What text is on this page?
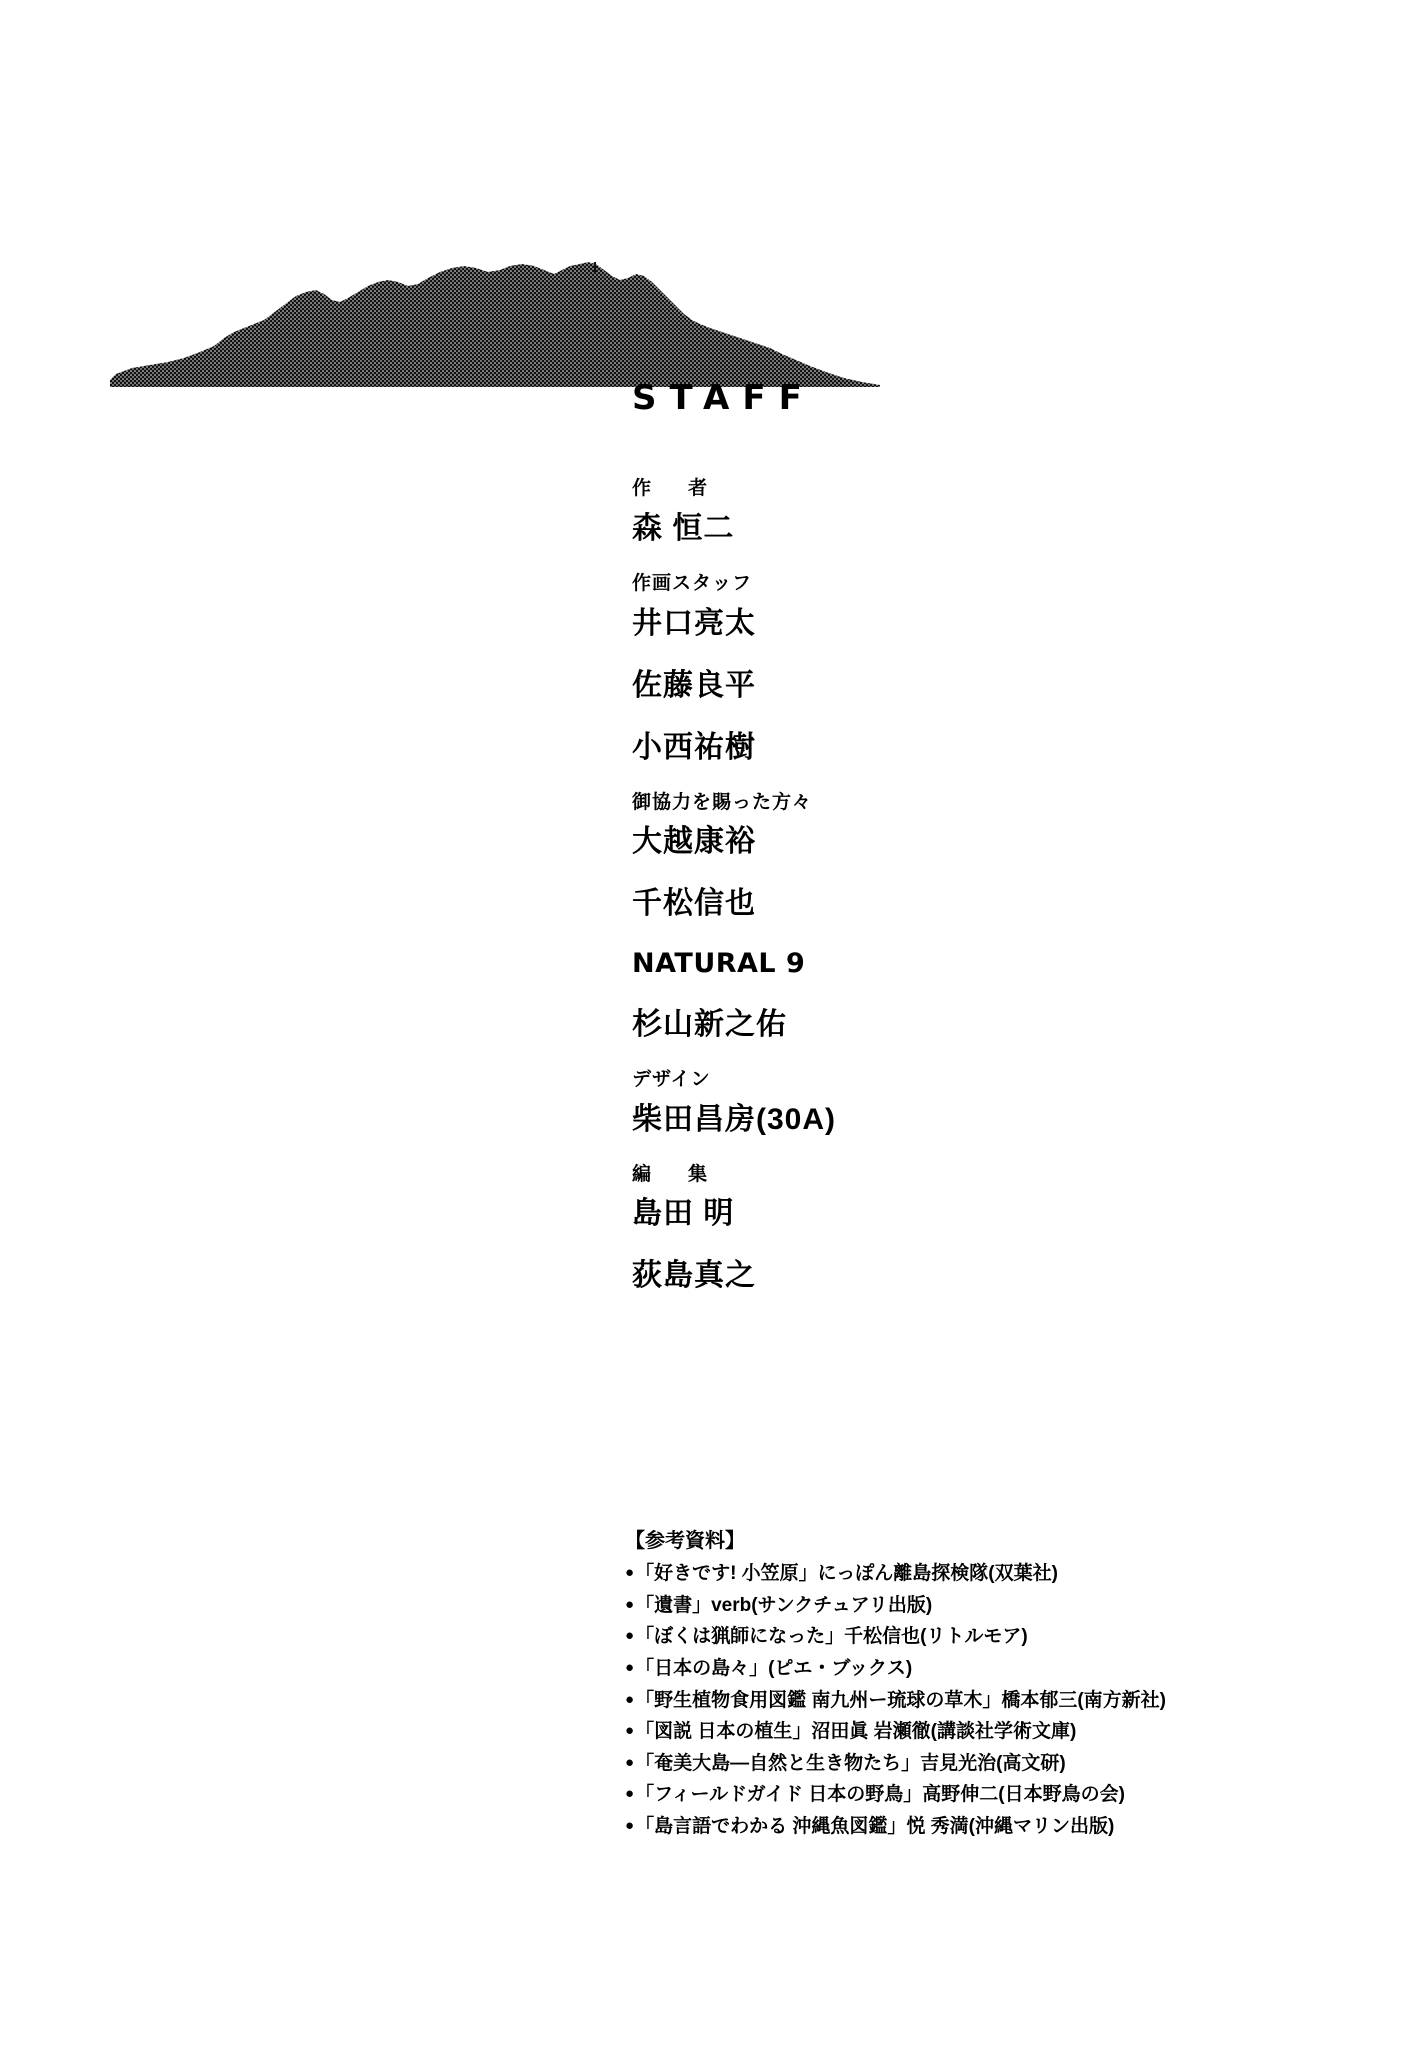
STAFF

作　者

森 恒二

作画スタッフ

井口亮太

佐藤良平

小西祐樹

御協力を賜った方々

大越康裕

千松信也

NATURAL 9

杉山新之佑

デザイン

柴田昌房(30A)

編　集

島田 明

荻島真之

【参考資料】

●「好きです! 小笠原」にっぽん離島探検隊(双葉社)

●「遺書」verb(サンクチュアリ出版)

●「ぼくは猟師になった」千松信也(リトルモア)

●「日本の島々」(ピエ・ブックス)

●「野生植物食用図鑑 南九州ー琉球の草木」橋本郁三(南方新社)

●「図説 日本の植生」沼田眞 岩瀬徹(講談社学術文庫)

●「奄美大島―自然と生き物たち」吉見光治(高文研)

●「フィールドガイド 日本の野鳥」高野伸二(日本野鳥の会)

●「島言語でわかる 沖縄魚図鑑」悦 秀満(沖縄マリン出版)
